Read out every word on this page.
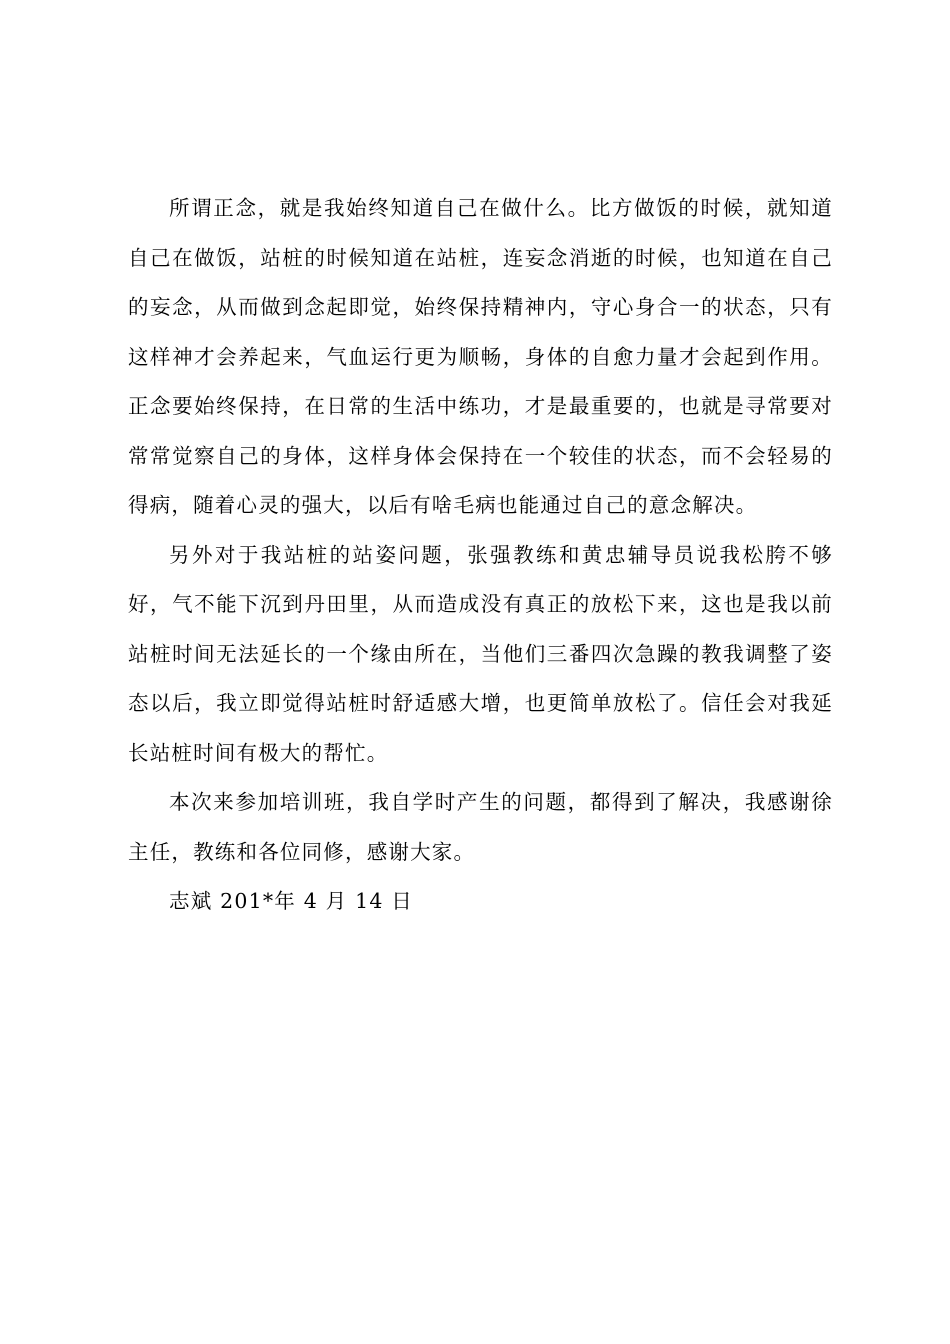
所谓正念，就是我始终知道自己在做什么。比方做饭的时候，就知道自己在做饭，站桩的时候知道在站桩，连妄念消逝的时候，也知道在自己的妄念，从而做到念起即觉，始终保持精神内，守心身合一的状态，只有这样神才会养起来，气血运行更为顺畅，身体的自愈力量才会起到作用。正念要始终保持，在日常的生活中练功，才是最重要的，也就是寻常要对常常觉察自己的身体，这样身体会保持在一个较佳的状态，而不会轻易的得病，随着心灵的强大，以后有啥毛病也能通过自己的意念解决。

另外对于我站桩的站姿问题，张强教练和黄忠辅导员说我松胯不够好，气不能下沉到丹田里，从而造成没有真正的放松下来，这也是我以前站桩时间无法延长的一个缘由所在，当他们三番四次急躁的教我调整了姿态以后，我立即觉得站桩时舒适感大增，也更简单放松了。信任会对我延长站桩时间有极大的帮忙。

本次来参加培训班，我自学时产生的问题，都得到了解决，我感谢徐主任，教练和各位同修，感谢大家。

志斌 201*年 4 月 14 日
